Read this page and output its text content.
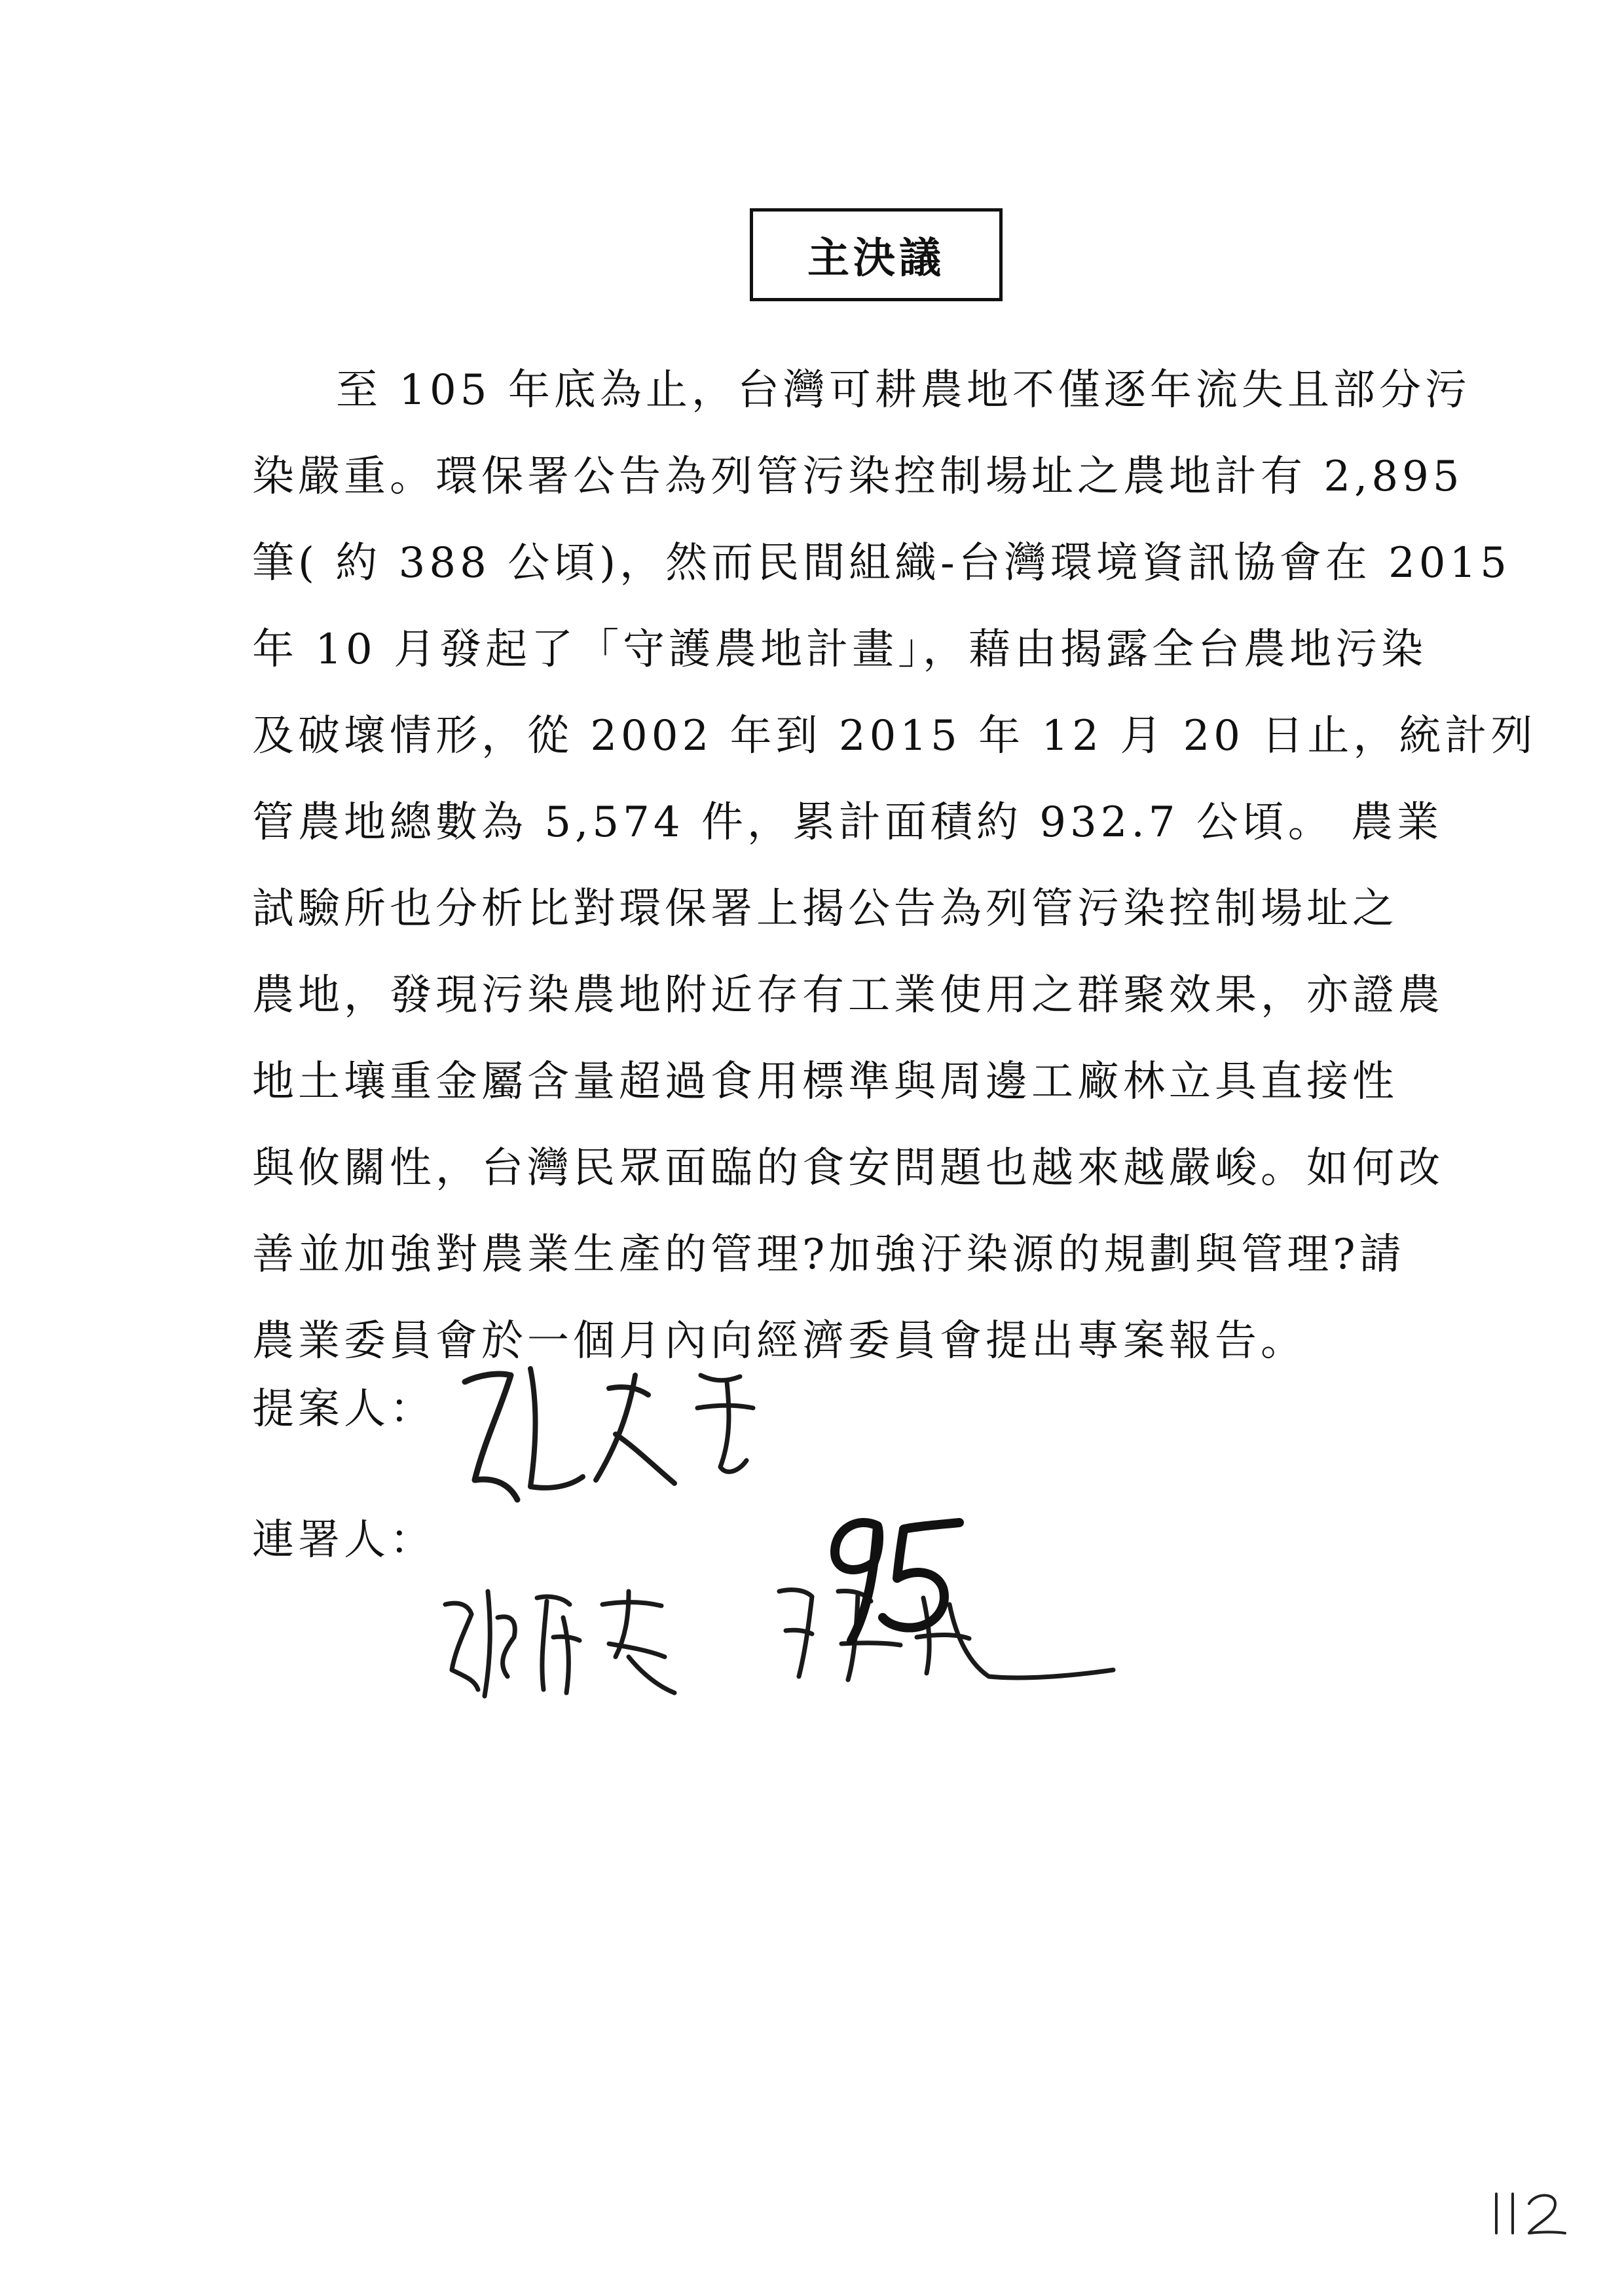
主決議
至 105 年底為止，台灣可耕農地不僅逐年流失且部分污
染嚴重。環保署公告為列管污染控制場址之農地計有 2,895
筆( 約 388 公頃)，然而民間組織-台灣環境資訊協會在 2015
年 10 月發起了「守護農地計畫」，藉由揭露全台農地污染
及破壞情形，從 2002 年到 2015 年 12 月 20 日止，統計列
管農地總數為 5,574 件，累計面積約 932.7 公頃。 農業
試驗所也分析比對環保署上揭公告為列管污染控制場址之
農地，發現污染農地附近存有工業使用之群聚效果，亦證農
地土壤重金屬含量超過食用標準與周邊工廠林立具直接性
與攸關性，台灣民眾面臨的食安問題也越來越嚴峻。如何改
善並加強對農業生產的管理?加強汙染源的規劃與管理?請
農業委員會於一個月內向經濟委員會提出專案報告。
提案人：
連署人：
